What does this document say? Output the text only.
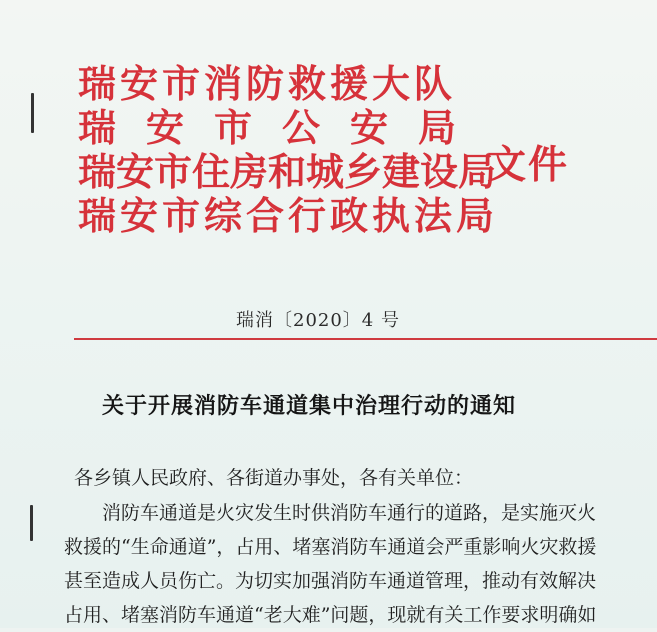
瑞安市消防救援大队
瑞安市公安局
瑞安市住房和城乡建设局
瑞安市综合行政执法局
文件
瑞消〔2020〕4 号
关于开展消防车通道集中治理行动的通知
各乡镇人民政府、各街道办事处，各有关单位：
消防车通道是火灾发生时供消防车通行的道路，是实施灭火
救援的“生命通道”，占用、堵塞消防车通道会严重影响火灾救援
甚至造成人员伤亡。为切实加强消防车通道管理，推动有效解决
占用、堵塞消防车通道“老大难”问题，现就有关工作要求明确如
